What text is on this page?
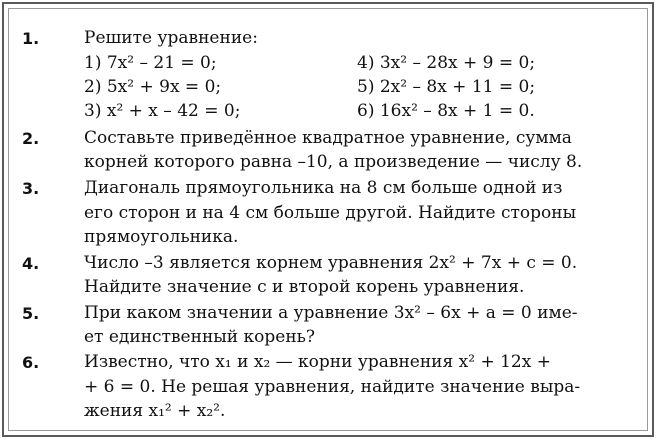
1.	Решите уравнение:
1) 7x² – 21 = 0;
2) 5x² + 9x = 0;
3) x² + x – 42 = 0;
4) 3x² – 28x + 9 = 0;
5) 2x² – 8x + 11 = 0;
6) 16x² – 8x + 1 = 0.
2.	Составьте приведённое квадратное уравнение, сумма
корней которого равна –10, а произведение — числу 8.
3.	Диагональ прямоугольника на 8 см больше одной из
его сторон и на 4 см больше другой. Найдите стороны
прямоугольника.
4.	Число –3 является корнем уравнения 2x² + 7x + c = 0.
Найдите значение c и второй корень уравнения.
5.	При каком значении a уравнение 3x² – 6x + a = 0 име-
ет единственный корень?
6.	Известно, что x₁ и x₂ — корни уравнения x² + 12x +
+ 6 = 0. Не решая уравнения, найдите значение выра-
жения x₁² + x₂².
